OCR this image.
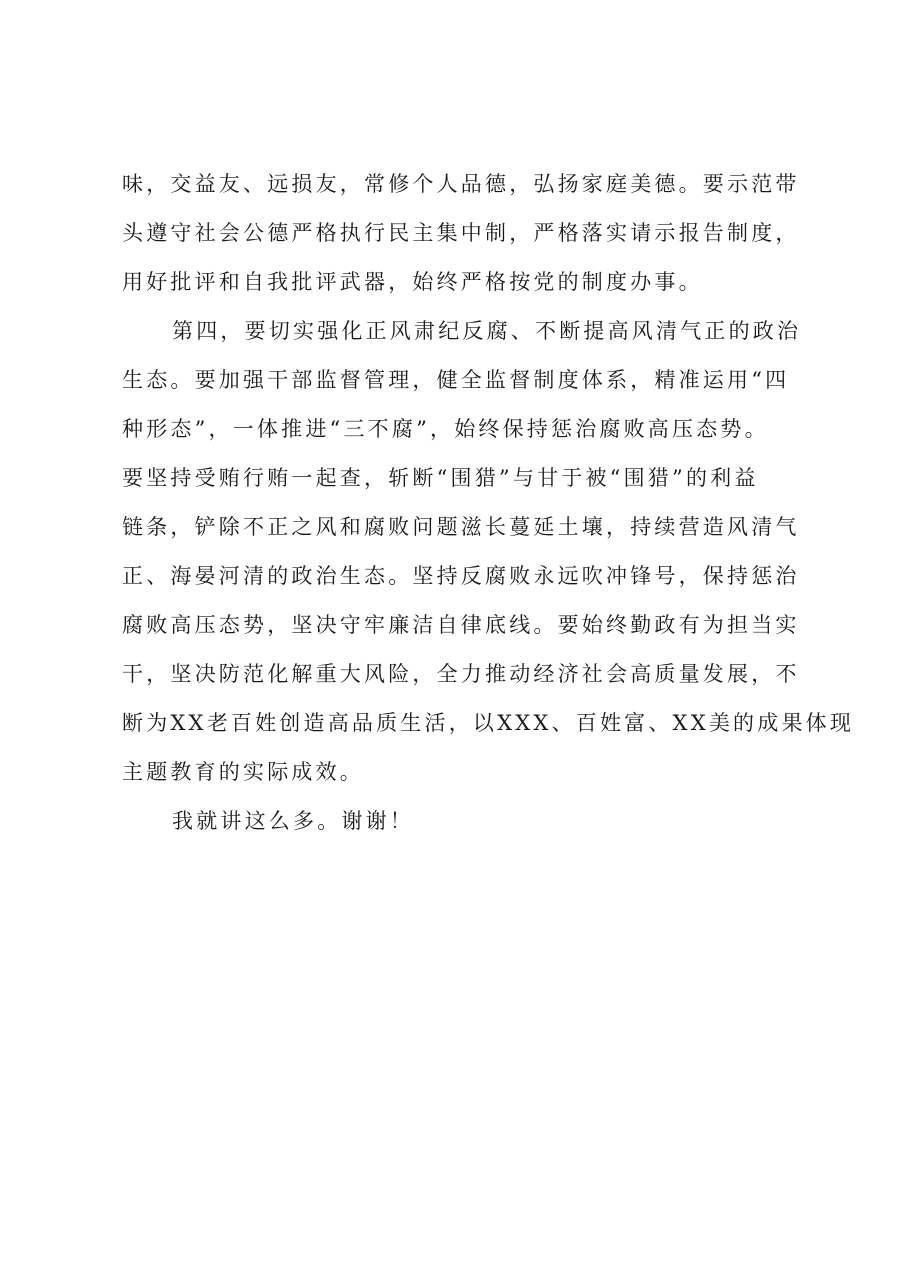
味，交益友、远损友，常修个人品德，弘扬家庭美德。要示范带
头遵守社会公德严格执行民主集中制，严格落实请示报告制度，
用好批评和自我批评武器，始终严格按党的制度办事。
第四，要切实强化正风肃纪反腐、不断提高风清气正的政治
生态。要加强干部监督管理，健全监督制度体系，精准运用“四
种形态”，一体推进“三不腐”，始终保持惩治腐败高压态势。
要坚持受贿行贿一起查，斩断“围猎”与甘于被“围猎”的利益
链条，铲除不正之风和腐败问题滋长蔓延土壤，持续营造风清气
正、海晏河清的政治生态。坚持反腐败永远吹冲锋号，保持惩治
腐败高压态势，坚决守牢廉洁自律底线。要始终勤政有为担当实
干，坚决防范化解重大风险，全力推动经济社会高质量发展，不
断为XX老百姓创造高品质生活，以XXX、百姓富、XX美的成果体现
主题教育的实际成效。
我就讲这么多。谢谢！
